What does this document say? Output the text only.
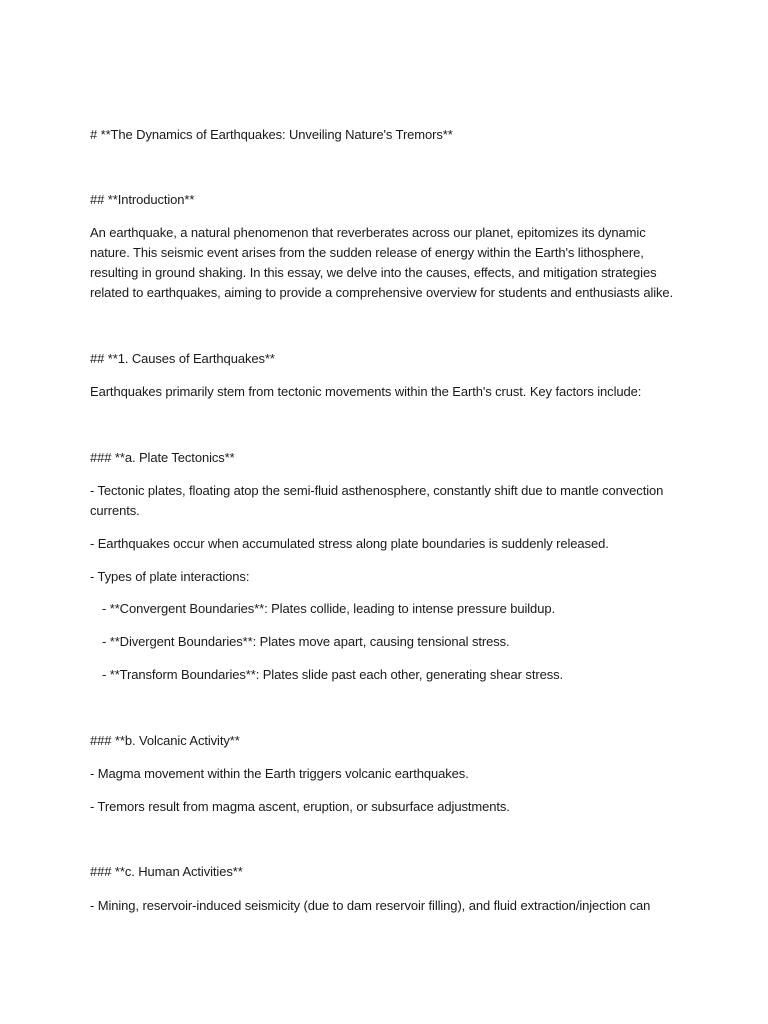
# **The Dynamics of Earthquakes: Unveiling Nature's Tremors**
## **Introduction**
An earthquake, a natural phenomenon that reverberates across our planet, epitomizes its dynamic
nature. This seismic event arises from the sudden release of energy within the Earth's lithosphere,
resulting in ground shaking. In this essay, we delve into the causes, effects, and mitigation strategies
related to earthquakes, aiming to provide a comprehensive overview for students and enthusiasts alike.
## **1. Causes of Earthquakes**
Earthquakes primarily stem from tectonic movements within the Earth's crust. Key factors include:
### **a. Plate Tectonics**
- Tectonic plates, floating atop the semi-fluid asthenosphere, constantly shift due to mantle convection
currents.
- Earthquakes occur when accumulated stress along plate boundaries is suddenly released.
- Types of plate interactions:
- **Convergent Boundaries**: Plates collide, leading to intense pressure buildup.
- **Divergent Boundaries**: Plates move apart, causing tensional stress.
- **Transform Boundaries**: Plates slide past each other, generating shear stress.
### **b. Volcanic Activity**
- Magma movement within the Earth triggers volcanic earthquakes.
- Tremors result from magma ascent, eruption, or subsurface adjustments.
### **c. Human Activities**
- Mining, reservoir-induced seismicity (due to dam reservoir filling), and fluid extraction/injection can
